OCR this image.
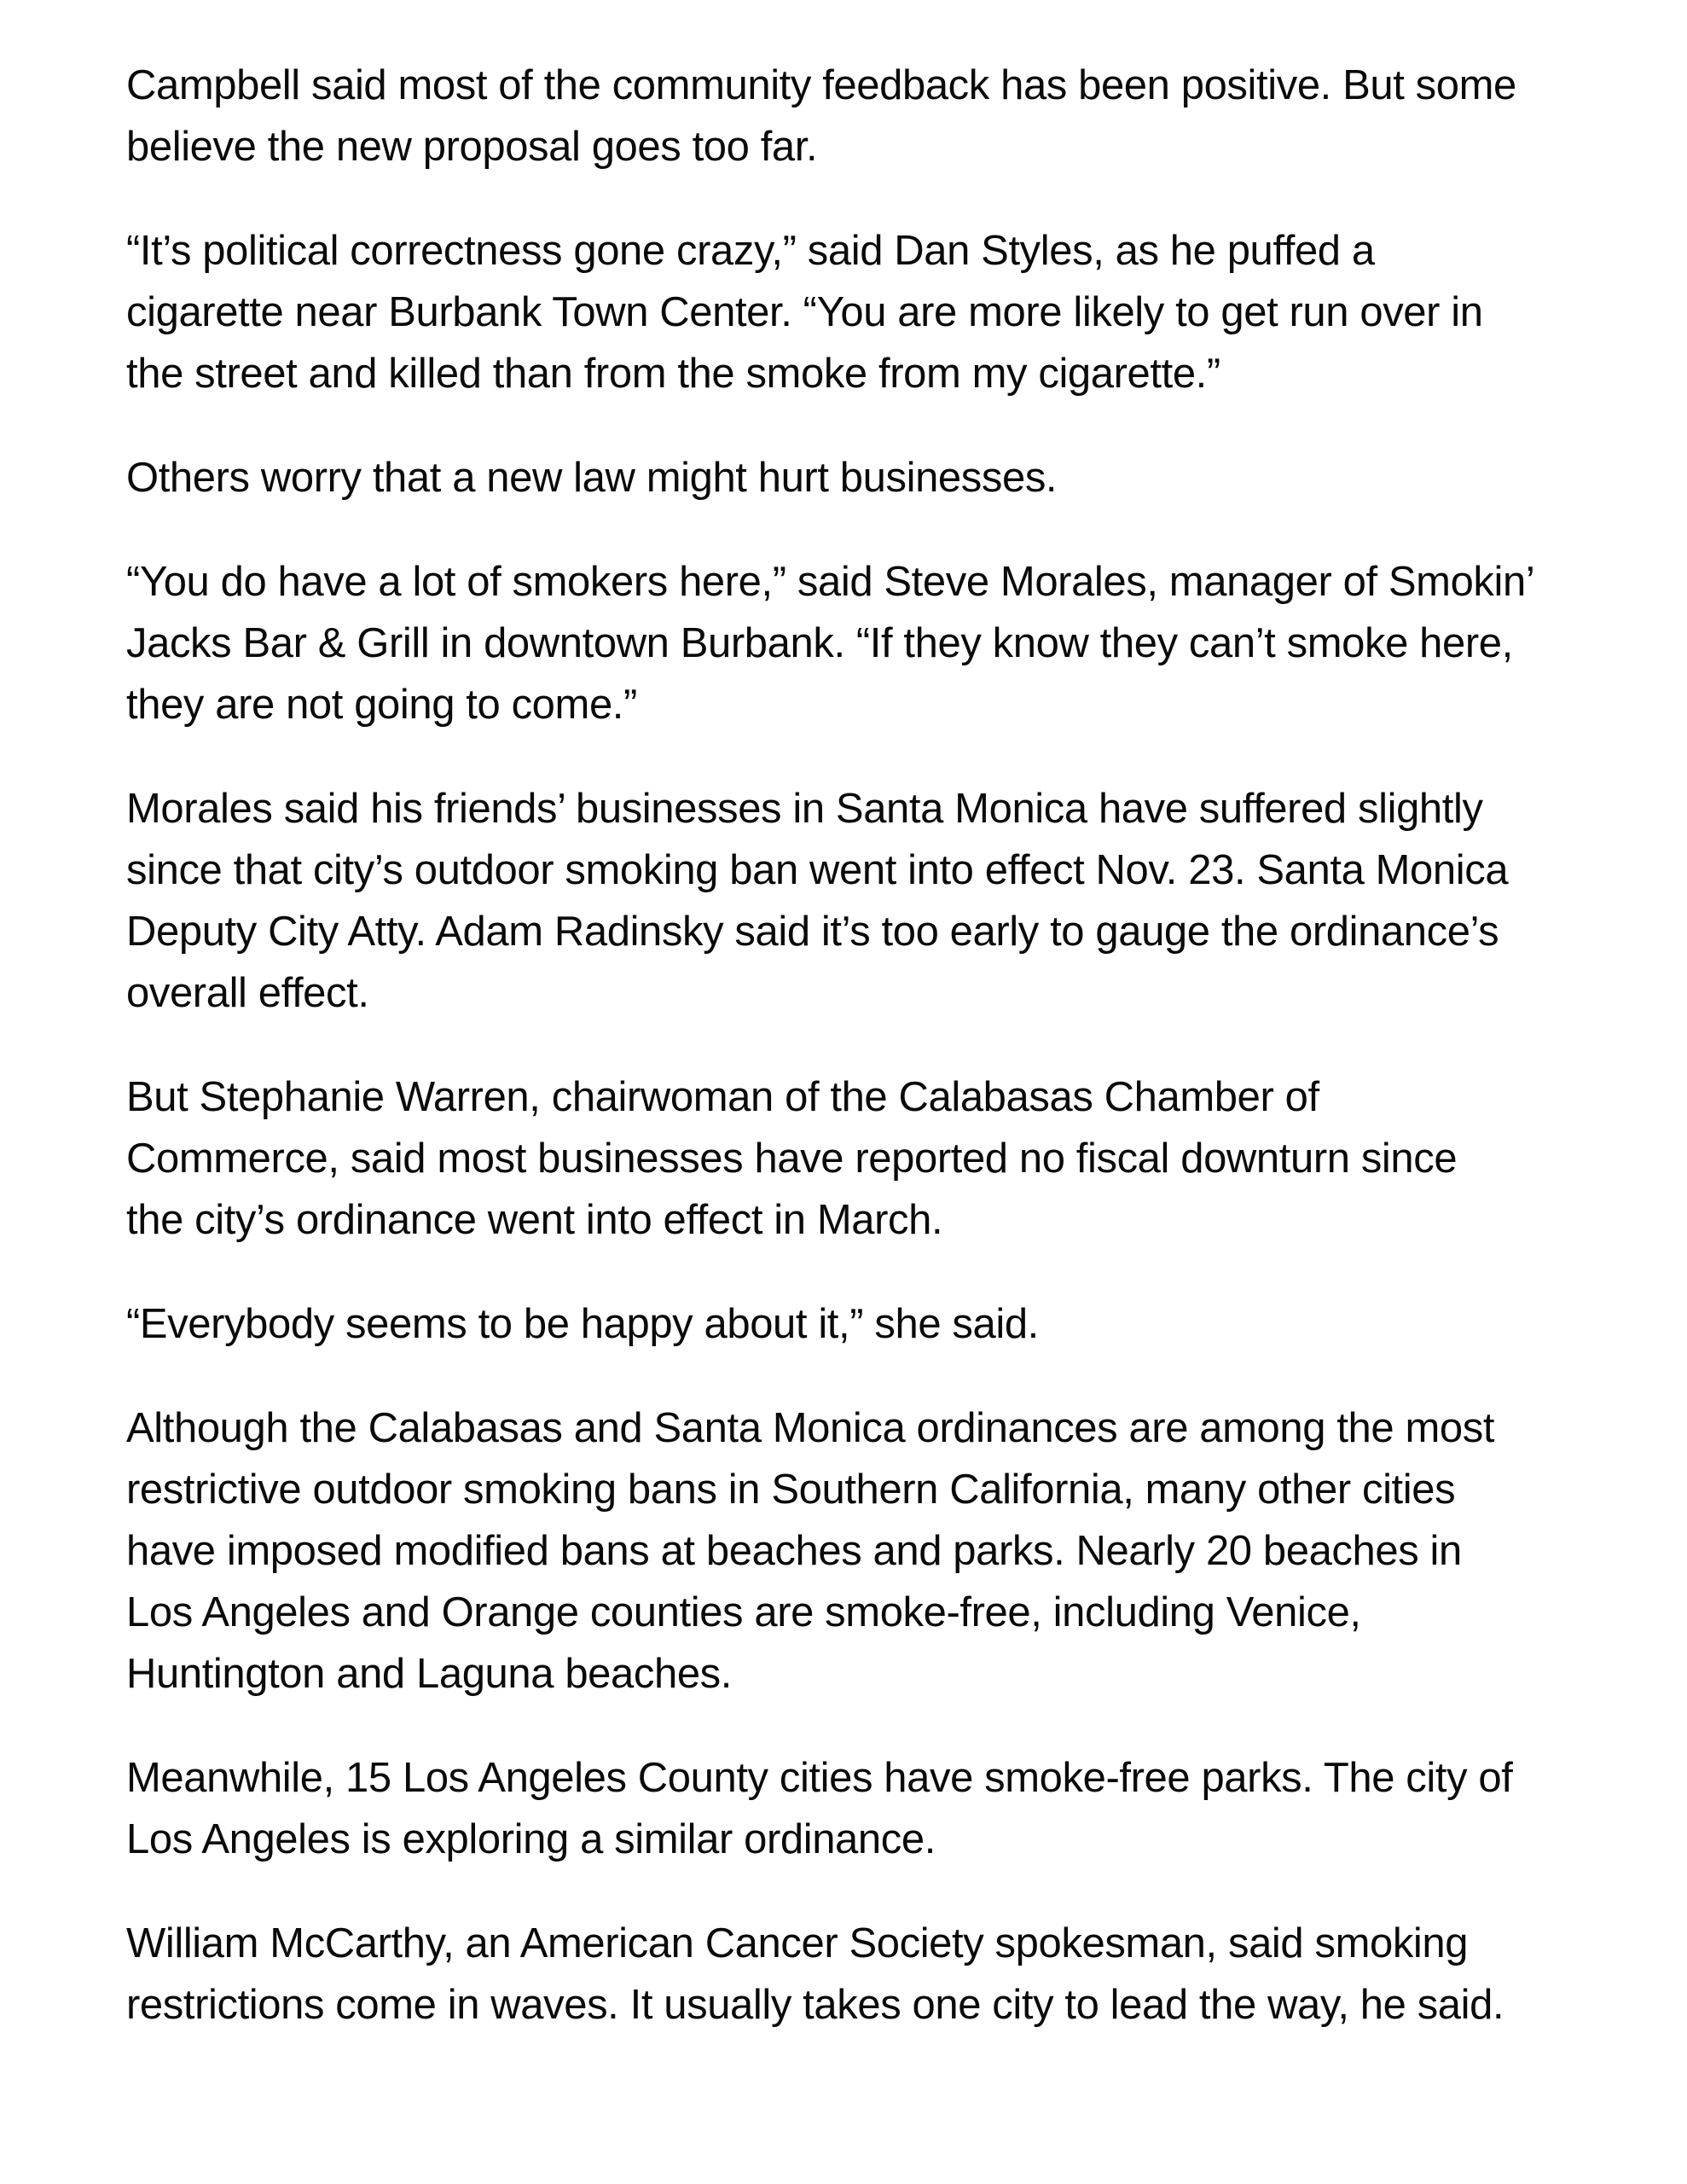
Campbell said most of the community feedback has been positive. But some
believe the new proposal goes too far.

“It’s political correctness gone crazy,” said Dan Styles, as he puffed a
cigarette near Burbank Town Center. “You are more likely to get run over in
the street and killed than from the smoke from my cigarette.”

Others worry that a new law might hurt businesses.

“You do have a lot of smokers here,” said Steve Morales, manager of Smokin’
Jacks Bar & Grill in downtown Burbank. “If they know they can’t smoke here,
they are not going to come.”

Morales said his friends’ businesses in Santa Monica have suffered slightly
since that city’s outdoor smoking ban went into effect Nov. 23. Santa Monica
Deputy City Atty. Adam Radinsky said it’s too early to gauge the ordinance’s
overall effect.

But Stephanie Warren, chairwoman of the Calabasas Chamber of
Commerce, said most businesses have reported no fiscal downturn since
the city’s ordinance went into effect in March.

“Everybody seems to be happy about it,” she said.

Although the Calabasas and Santa Monica ordinances are among the most
restrictive outdoor smoking bans in Southern California, many other cities
have imposed modified bans at beaches and parks. Nearly 20 beaches in
Los Angeles and Orange counties are smoke-free, including Venice,
Huntington and Laguna beaches.

Meanwhile, 15 Los Angeles County cities have smoke-free parks. The city of
Los Angeles is exploring a similar ordinance.

William McCarthy, an American Cancer Society spokesman, said smoking
restrictions come in waves. It usually takes one city to lead the way, he said.
